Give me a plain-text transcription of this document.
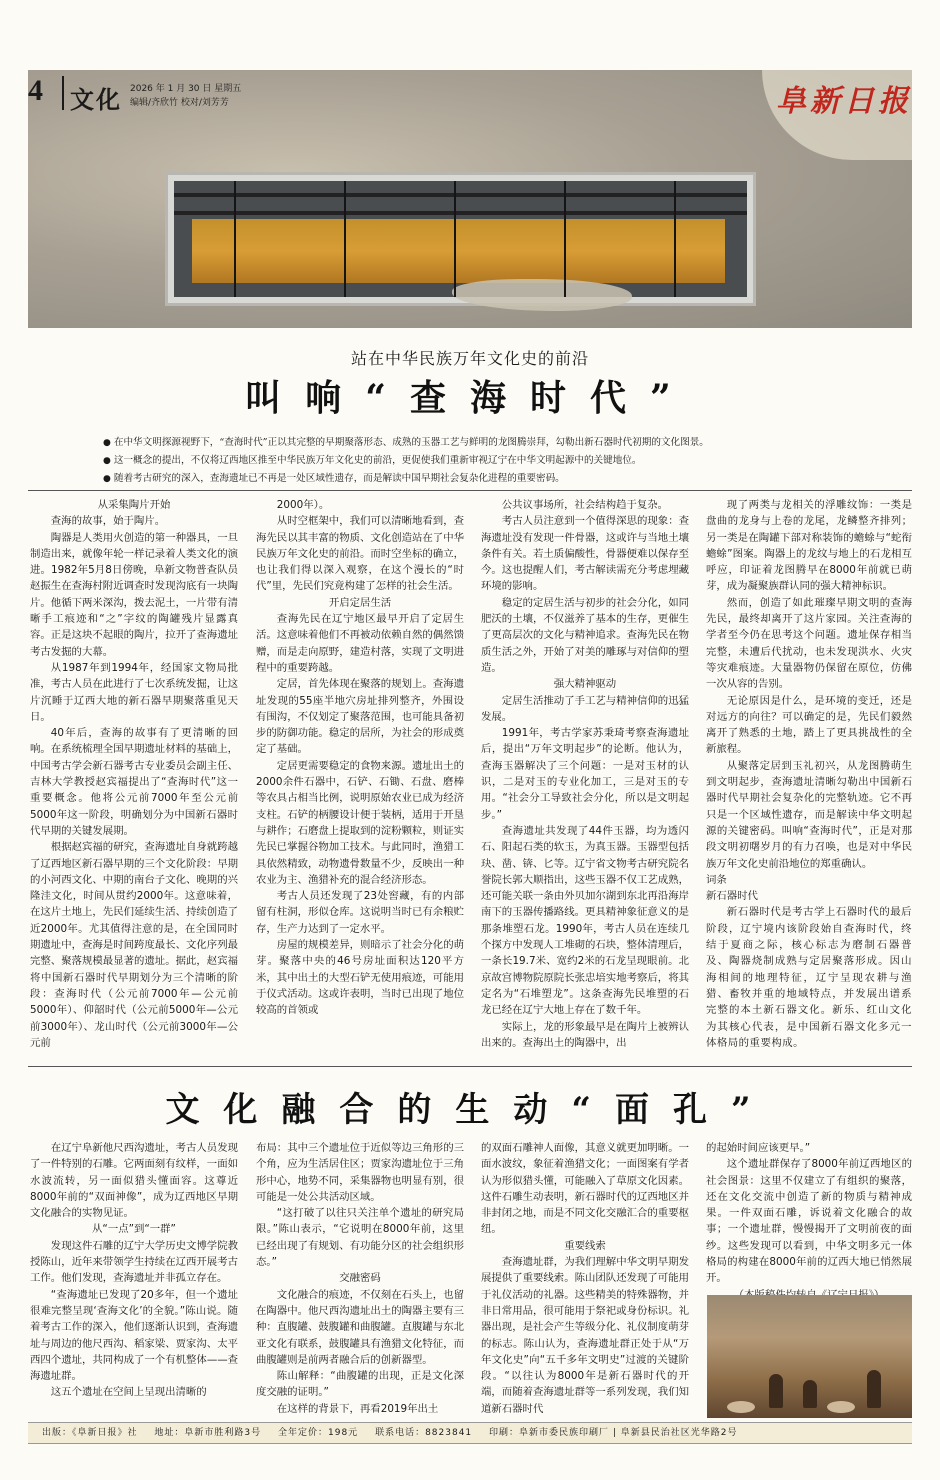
4 文化 2026 年 1 月 30 日 星期五
编辑/齐欣竹 校对/刘芳芳	阜新日报
站在中华民族万年文化史的前沿
叫响“查海时代”
● 在中华文明探源视野下，“查海时代”正以其完整的早期聚落形态、成熟的玉器工艺与鲜明的龙图腾崇拜，勾勒出新石器时代初期的文化图景。
● 这一概念的提出，不仅将辽西地区推至中华民族万年文化史的前沿，更促使我们重新审视辽宁在中华文明起源中的关键地位。
● 随着考古研究的深入，查海遗址已不再是一处区域性遗存，而是解读中国早期社会复杂化进程的重要密码。
从采集陶片开始

查海的故事，始于陶片。

陶器是人类用火创造的第一种器具，一旦制造出来，就像年轮一样记录着人类文化的演进。1982年5月8日傍晚，阜新文物普查队员赵振生在查海村附近调查时发现沟底有一块陶片。他循下两米深沟，拨去泥土，一片带有清晰手工痕迹和“之”字纹的陶罐残片显露真容。正是这块不起眼的陶片，拉开了查海遗址考古发掘的大幕。

从1987年到1994年，经国家文物局批准，考古人员在此进行了七次系统发掘，让这片沉睡于辽西大地的新石器早期聚落重见天日。

40年后，查海的故事有了更清晰的回响。在系统梳理全国早期遗址材料的基础上，中国考古学会新石器考古专业委员会副主任、吉林大学教授赵宾福提出了“查海时代”这一重要概念。他将公元前7000年至公元前5000年这一阶段，明确划分为中国新石器时代早期的关键发展期。

根据赵宾福的研究，查海遗址自身就跨越了辽西地区新石器早期的三个文化阶段：早期的小河西文化、中期的南台子文化、晚期的兴隆洼文化，时间从贯约2000年。这意味着，在这片土地上，先民们延续生活、持续创造了近2000年。尤其值得注意的是，在全国同时期遗址中，查海是时间跨度最长、文化序列最完整、聚落规模最显著的遗址。据此，赵宾福将中国新石器时代早期划分为三个清晰的阶段：查海时代（公元前7000年—公元前5000年）、仰韶时代（公元前5000年—公元前3000年）、龙山时代（公元前3000年—公元前

2000年）。

从时空框架中，我们可以清晰地看到，查海先民以其丰富的物质、文化创造站在了中华民族万年文化史的前沿。而时空坐标的确立，也让我们得以深入观察，在这个漫长的“时代”里，先民们究竟构建了怎样的社会生活。

开启定居生活

查海先民在辽宁地区最早开启了定居生活。这意味着他们不再被动依赖自然的偶然馈赠，而是走向原野，建造村落，实现了文明进程中的重要跨越。

定居，首先体现在聚落的规划上。查海遗址发现的55座半地穴房址排列整齐，外围设有围沟，不仅划定了聚落范围，也可能具备初步的防御功能。稳定的居所，为社会的形成奠定了基础。

定居更需要稳定的食物来源。遗址出土的2000余件石器中，石铲、石锄、石盘、磨棒等农具占相当比例，说明原始农业已成为经济支柱。石铲的柄腰设计便于装柄，适用于开垦与耕作；石磨盘上提取到的淀粉颗粒，则证实先民已掌握谷物加工技术。与此同时，渔猎工具依然精致，动物遗骨数量不少，反映出一种农业为主、渔猎补充的混合经济形态。

考古人员还发现了23处窖藏，有的内部留有柱洞，形似仓库。这说明当时已有余粮贮存，生产力达到了一定水平。

房屋的规模差异，则暗示了社会分化的萌芽。聚落中央的46号房址面积达120平方米，其中出土的大型石铲无使用痕迹，可能用于仪式活动。这或许表明，当时已出现了地位较高的首领或

公共议事场所，社会结构趋于复杂。

考古人员注意到一个值得深思的现象：查海遗址没有发现一件骨器，这或许与当地土壤条件有关。若土质偏酸性，骨器便难以保存至今。这也提醒人们，考古解读需充分考虑埋藏环境的影响。

稳定的定居生活与初步的社会分化，如同肥沃的土壤，不仅滋养了基本的生存，更催生了更高层次的文化与精神追求。查海先民在物质生活之外，开始了对美的雕琢与对信仰的塑造。

强大精神驱动

定居生活推动了手工艺与精神信仰的迅猛发展。

1991年，考古学家苏秉琦考察查海遗址后，提出“万年文明起步”的论断。他认为，查海玉器解决了三个问题：一是对玉材的认识，二是对玉的专业化加工，三是对玉的专用。“社会分工导致社会分化，所以是文明起步。”

查海遗址共发现了44件玉器，均为透闪石、阳起石类的软玉，为真玉器。玉器型包括玦、凿、锛、匕等。辽宁省文物考古研究院名誉院长郭大顺指出，这些玉器不仅工艺成熟，还可能关联一条由外贝加尔湖到东北再沿海岸南下的玉器传播路线。更具精神象征意义的是那条堆塑石龙。1990年，考古人员在连续几个探方中发现人工堆砌的石块，整体清理后，一条长19.7米、宽约2米的石龙呈现眼前。北京故宫博物院原院长张忠培实地考察后，将其定名为“石堆塑龙”。这条查海先民堆塑的石龙已经在辽宁大地上存在了数千年。

实际上，龙的形象最早是在陶片上被辨认出来的。查海出土的陶器中，出

现了两类与龙相关的浮雕纹饰：一类是盘曲的龙身与上卷的龙尾，龙鳞整齐排列；另一类是在陶罐下部对称装饰的蟾蜍与“蛇衔蟾蜍”图案。陶器上的龙纹与地上的石龙相互呼应，印证着龙图腾早在8000年前就已萌芽，成为凝聚族群认同的强大精神标识。

然而，创造了如此璀璨早期文明的查海先民，最终却离开了这片家园。关注查海的学者至今仍在思考这个问题。遗址保存相当完整，未遭后代扰动，也未发现洪水、火灾等灾难痕迹。大量器物仍保留在原位，仿佛一次从容的告别。

无论原因是什么，是环境的变迁，还是对远方的向往？可以确定的是，先民们毅然离开了熟悉的土地，踏上了更具挑战性的全新旅程。

从聚落定居到玉礼初兴，从龙图腾萌生到文明起步，查海遗址清晰勾勒出中国新石器时代早期社会复杂化的完整轨迹。它不再只是一个区域性遗存，而是解读中华文明起源的关键密码。叫响“查海时代”，正是对那段文明初曙岁月的有力召唤，也是对中华民族万年文化史前沿地位的郑重确认。

词条
新石器时代

新石器时代是考古学上石器时代的最后阶段，辽宁境内该阶段始自查海时代，终结于夏商之际，核心标志为磨制石器普及、陶器烧制成熟与定居聚落形成。因山海相间的地理特征，辽宁呈现农耕与渔猎、畜牧并重的地域特点，并发展出谱系完整的本土新石器文化。新乐、红山文化为其核心代表，是中国新石器文化多元一体格局的重要构成。

文化融合的生动“面孔”

在辽宁阜新他尺西沟遗址，考古人员发现了一件特别的石雕。它两面刻有纹样，一面如水波流转，另一面似猎头懂面容。这尊近8000年前的“双面神像”，成为辽西地区早期文化融合的实物见证。

从“一点”到“一群”

发现这件石雕的辽宁大学历史文博学院教授陈山，近年来带领学生持续在辽西开展考古工作。他们发现，查海遗址并非孤立存在。

“查海遗址已发现了20多年，但一个遗址很难完整呈现‘查海文化’的全貌。”陈山说。随着考古工作的深入，他们逐渐认识到，查海遗址与周边的他尺西沟、稻家梁、贾家沟、太平西四个遗址，共同构成了一个有机整体——查海遗址群。

这五个遗址在空间上呈现出清晰的

布局：其中三个遗址位于近似等边三角形的三个角，应为生活居住区；贾家沟遗址位于三角形中心，地势不同，采集器物也明显有别，很可能是一处公共活动区域。

“这打破了以往只关注单个遗址的研究局限。”陈山表示，“它说明在8000年前，这里已经出现了有规划、有功能分区的社会组织形态。”

交融密码

文化融合的痕迹，不仅刻在石头上，也留在陶器中。他尺西沟遗址出土的陶器主要有三种：直腹罐、鼓腹罐和曲腹罐。直腹罐与东北亚文化有联系，鼓腹罐具有渔猎文化特征，而曲腹罐则是前两者融合后的创新器型。

陈山解释：“曲腹罐的出现，正是文化深度交融的证明。”

在这样的背景下，再看2019年出土

的双面石雕神人面像，其意义就更加明晰。一面水波纹，象征着渔猎文化；一面图案有学者认为形似猎头懂，可能融入了草原文化因素。这件石雕生动表明，新石器时代的辽西地区并非封闭之地，而是不同文化交融汇合的重要枢纽。

重要线索

查海遗址群，为我们理解中华文明早期发展提供了重要线索。陈山团队还发现了可能用于礼仪活动的礼器。这些精美的特殊器物，并非日常用品，很可能用于祭祀或身份标识。礼器出现，是社会产生等级分化、礼仪制度萌芽的标志。陈山认为，查海遗址群正处于从“万年文化史”向“五千多年文明史”过渡的关键阶段。“以往认为8000年是新石器时代的开端，而随着查海遗址群等一系列发现，我们知道新石器时代

的起始时间应该更早。”

这个遗址群保存了8000年前辽西地区的社会图景：这里不仅建立了有组织的聚落，还在文化交流中创造了新的物质与精神成果。一件双面石雕，诉说着文化融合的故事；一个遗址群，慢慢揭开了文明前夜的面纱。这些发现可以看到，中华文明多元一体格局的构建在8000年前的辽西大地已悄然展开。

出版：《阜新日报》社 地址：阜新市胜利路3号 全年定价：198元 联系电话：8823841 印刷：阜新市委民族印刷厂 | 阜新县民治社区光华路2号
